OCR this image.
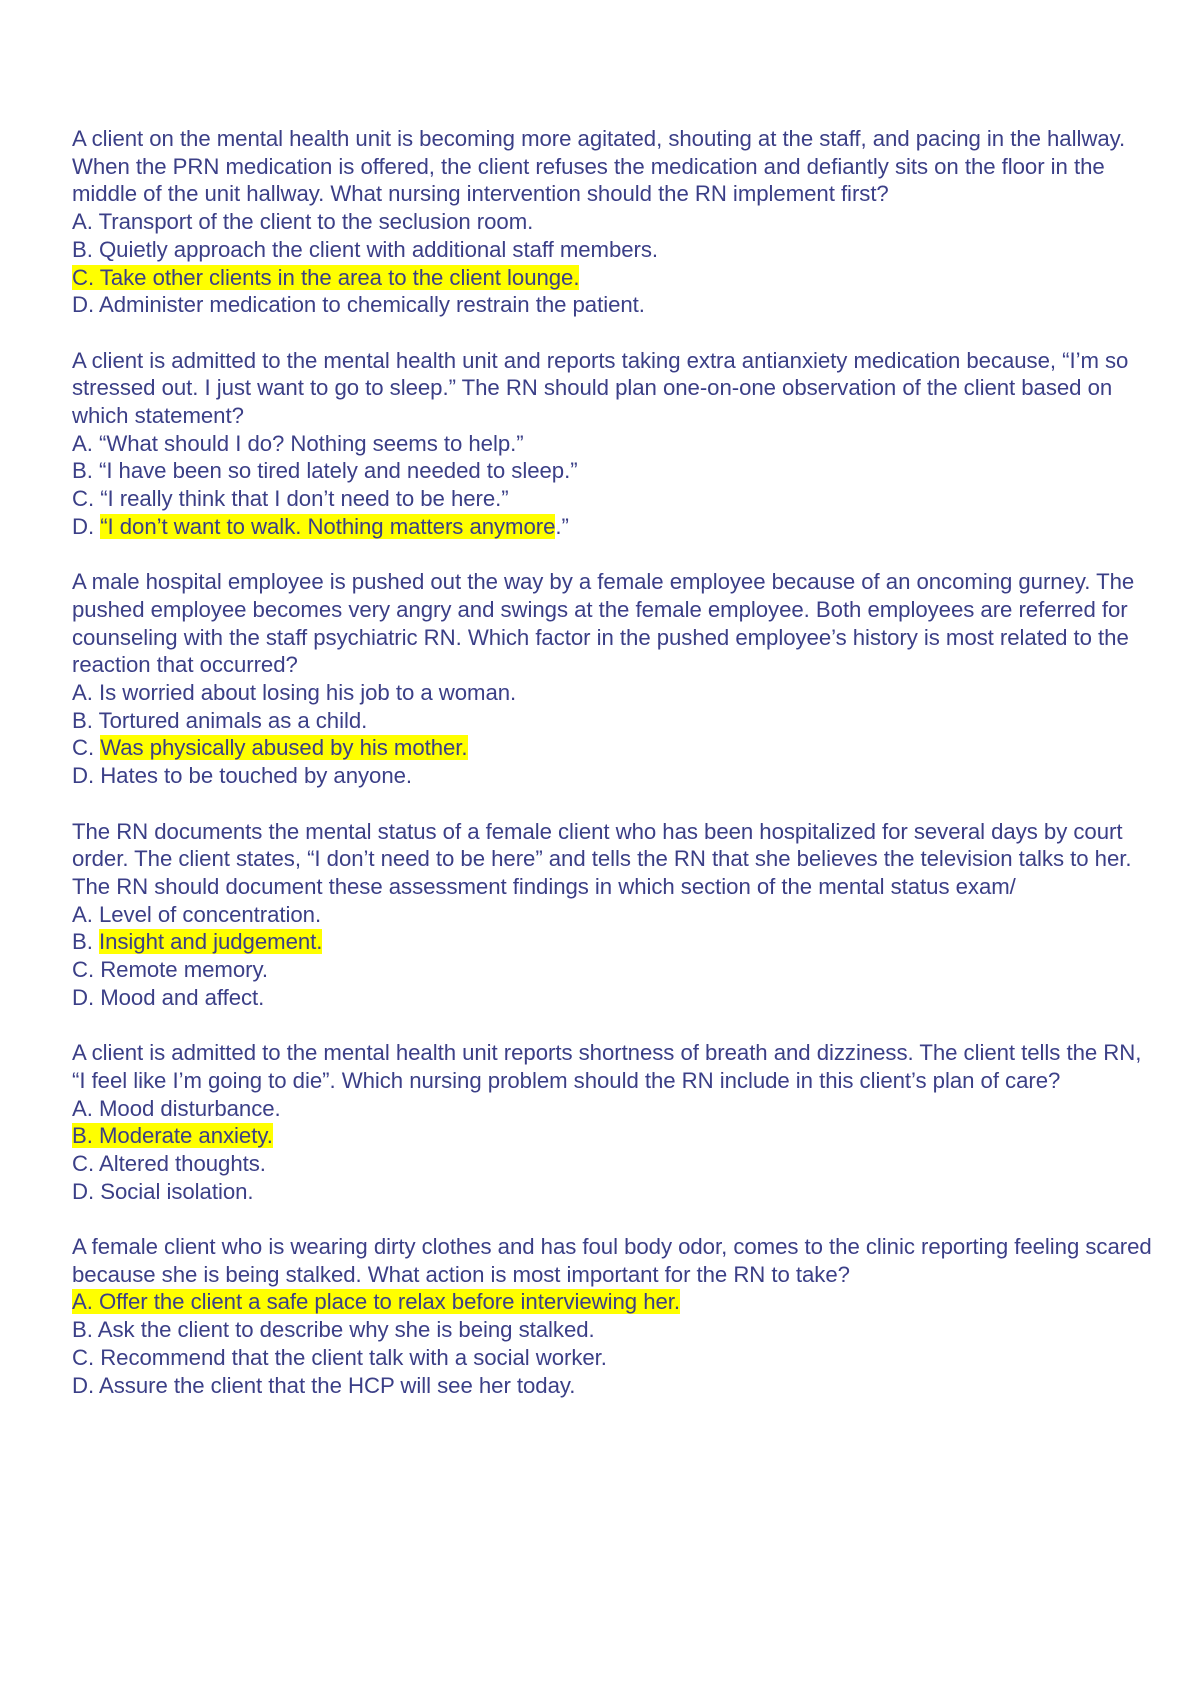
A client on the mental health unit is becoming more agitated, shouting at the staff, and pacing in the hallway. When the PRN medication is offered, the client refuses the medication and defiantly sits on the floor in the middle of the unit hallway. What nursing intervention should the RN implement first?
A. Transport of the client to the seclusion room.
B. Quietly approach the client with additional staff members.
C. Take other clients in the area to the client lounge.
D. Administer medication to chemically restrain the patient.
A client is admitted to the mental health unit and reports taking extra antianxiety medication because, “I’m so stressed out. I just want to go to sleep.” The RN should plan one-on-one observation of the client based on which statement?
A. “What should I do? Nothing seems to help.”
B. “I have been so tired lately and needed to sleep.”
C. “I really think that I don’t need to be here.”
D. “I don’t want to walk. Nothing matters anymore.”
A male hospital employee is pushed out the way by a female employee because of an oncoming gurney. The pushed employee becomes very angry and swings at the female employee. Both employees are referred for counseling with the staff psychiatric RN. Which factor in the pushed employee’s history is most related to the reaction that occurred?
A. Is worried about losing his job to a woman.
B. Tortured animals as a child.
C. Was physically abused by his mother.
D. Hates to be touched by anyone.
The RN documents the mental status of a female client who has been hospitalized for several days by court order. The client states, “I don’t need to be here” and tells the RN that she believes the television talks to her. The RN should document these assessment findings in which section of the mental status exam/
A. Level of concentration.
B. Insight and judgement.
C. Remote memory.
D. Mood and affect.
A client is admitted to the mental health unit reports shortness of breath and dizziness. The client tells the RN, “I feel like I’m going to die”. Which nursing problem should the RN include in this client’s plan of care?
A. Mood disturbance.
B. Moderate anxiety.
C. Altered thoughts.
D. Social isolation.
A female client who is wearing dirty clothes and has foul body odor, comes to the clinic reporting feeling scared because she is being stalked. What action is most important for the RN to take?
A. Offer the client a safe place to relax before interviewing her.
B. Ask the client to describe why she is being stalked.
C. Recommend that the client talk with a social worker.
D. Assure the client that the HCP will see her today.
